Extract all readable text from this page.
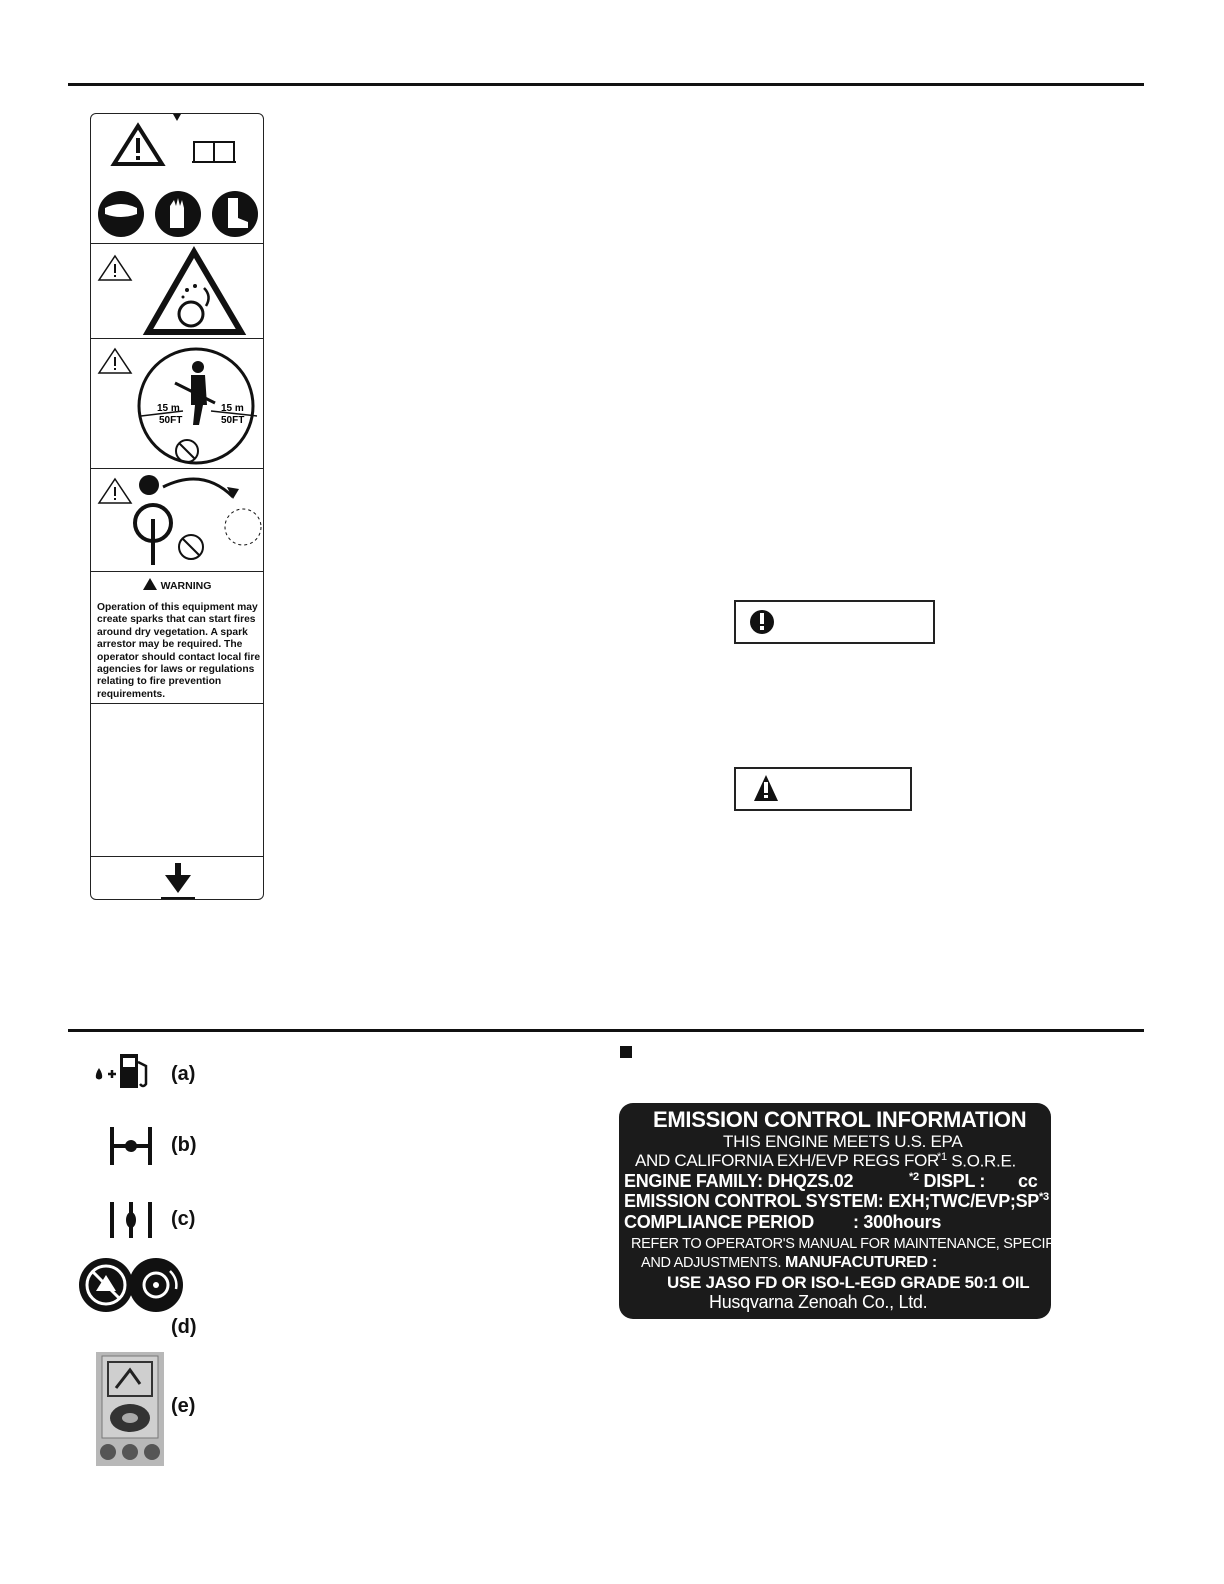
15 m
50FT
15 m
50FT
WARNING
Operation of this equipment may create sparks that can start fires around dry vegetation. A spark arrestor may be required. The operator should contact local fire agencies for laws or regulations relating to fire prevention requirements.
(a)
(b)
(c)
(d)
(e)
EMISSION CONTROL INFORMATION
THIS ENGINE MEETS U.S. EPA
AND CALIFORNIA EXH/EVP REGS FOR
$^{*1}$ S.O.R.E.
ENGINE FAMILY: DHQZS.02	$^{*2}$ DISPL : cc
EMISSION CONTROL SYSTEM: EXH;TWC/EVP;SP$^{*3}$
COMPLIANCE PERIOD : 300hours
REFER TO OPERATOR'S MANUAL FOR MAINTENANCE, SPECIFICATIONS
AND ADJUSTMENTS. MANUFACUTURED :
USE JASO FD OR ISO-L-EGD GRADE 50:1 OIL
Husqvarna Zenoah Co., Ltd.
